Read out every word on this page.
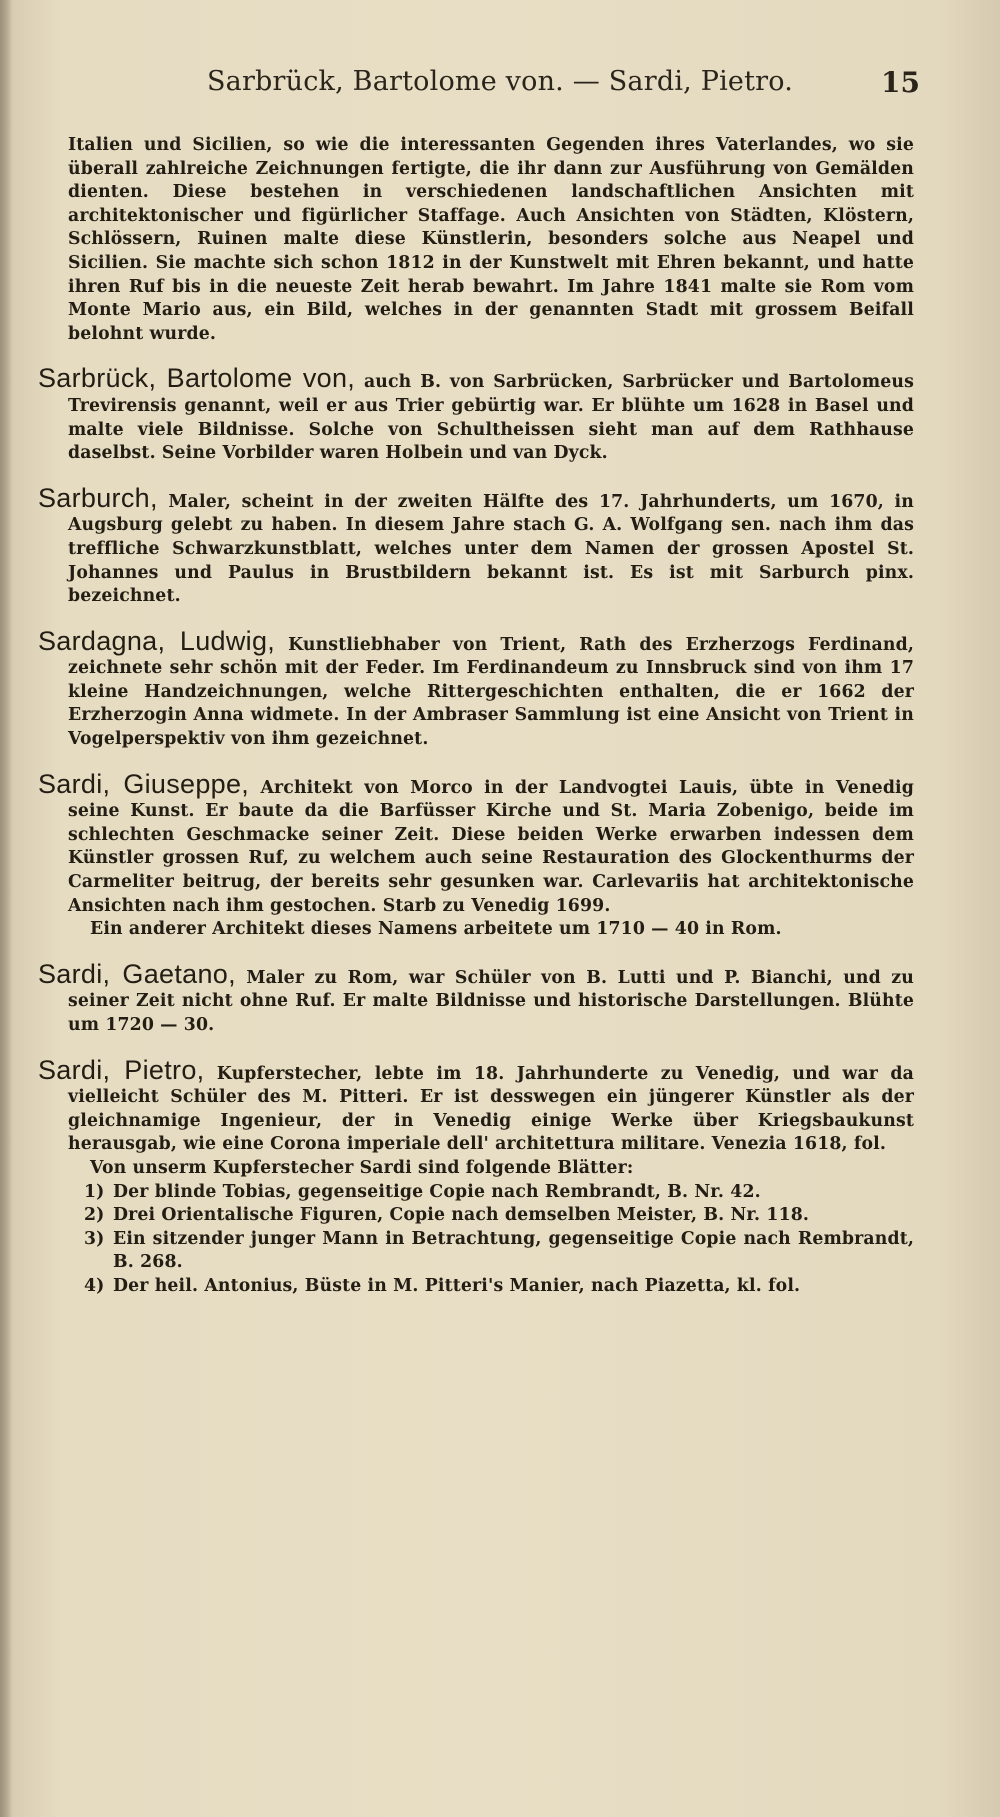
Sarbrück, Bartolome von. — Sardi, Pietro.	15

Italien und Sicilien, so wie die interessanten Gegenden ihres Vaterlandes, wo sie überall zahlreiche Zeichnungen fertigte, die ihr dann zur Ausführung von Gemälden dienten. Diese bestehen in verschiedenen landschaftlichen Ansichten mit architektonischer und figürlicher Staffage. Auch Ansichten von Städten, Klöstern, Schlössern, Ruinen malte diese Künstlerin, besonders solche aus Neapel und Sicilien. Sie machte sich schon 1812 in der Kunstwelt mit Ehren bekannt, und hatte ihren Ruf bis in die neueste Zeit herab bewahrt. Im Jahre 1841 malte sie Rom vom Monte Mario aus, ein Bild, welches in der genannten Stadt mit grossem Beifall belohnt wurde.

Sarbrück, Bartolome von, auch B. von Sarbrücken, Sarbrücker und Bartolomeus Trevirensis genannt, weil er aus Trier gebürtig war. Er blühte um 1628 in Basel und malte viele Bildnisse. Solche von Schultheissen sieht man auf dem Rathhause daselbst. Seine Vorbilder waren Holbein und van Dyck.

Sarburch, Maler, scheint in der zweiten Hälfte des 17. Jahrhunderts, um 1670, in Augsburg gelebt zu haben. In diesem Jahre stach G. A. Wolfgang sen. nach ihm das treffliche Schwarzkunstblatt, welches unter dem Namen der grossen Apostel St. Johannes und Paulus in Brustbildern bekannt ist. Es ist mit Sarburch pinx. bezeichnet.

Sardagna, Ludwig, Kunstliebhaber von Trient, Rath des Erzherzogs Ferdinand, zeichnete sehr schön mit der Feder. Im Ferdinandeum zu Innsbruck sind von ihm 17 kleine Handzeichnungen, welche Rittergeschichten enthalten, die er 1662 der Erzherzogin Anna widmete. In der Ambraser Sammlung ist eine Ansicht von Trient in Vogelperspektiv von ihm gezeichnet.

Sardi, Giuseppe, Architekt von Morco in der Landvogtei Lauis, übte in Venedig seine Kunst. Er baute da die Barfüsser Kirche und St. Maria Zobenigo, beide im schlechten Geschmacke seiner Zeit. Diese beiden Werke erwarben indessen dem Künstler grossen Ruf, zu welchem auch seine Restauration des Glockenthurms der Carmeliter beitrug, der bereits sehr gesunken war. Carlevariis hat architektonische Ansichten nach ihm gestochen. Starb zu Venedig 1699.

Ein anderer Architekt dieses Namens arbeitete um 1710 — 40 in Rom.

Sardi, Gaetano, Maler zu Rom, war Schüler von B. Lutti und P. Bianchi, und zu seiner Zeit nicht ohne Ruf. Er malte Bildnisse und historische Darstellungen. Blühte um 1720 — 30.

Sardi, Pietro, Kupferstecher, lebte im 18. Jahrhunderte zu Venedig, und war da vielleicht Schüler des M. Pitteri. Er ist desswegen ein jüngerer Künstler als der gleichnamige Ingenieur, der in Venedig einige Werke über Kriegsbaukunst herausgab, wie eine Corona imperiale dell' architettura militare. Venezia 1618, fol.

Von unserm Kupferstecher Sardi sind folgende Blätter:

1) Der blinde Tobias, gegenseitige Copie nach Rembrandt, B. Nr. 42.
2) Drei Orientalische Figuren, Copie nach demselben Meister, B. Nr. 118.
3) Ein sitzender junger Mann in Betrachtung, gegenseitige Copie nach Rembrandt, B. 268.
4) Der heil. Antonius, Büste in M. Pitteri's Manier, nach Piazetta, kl. fol.
